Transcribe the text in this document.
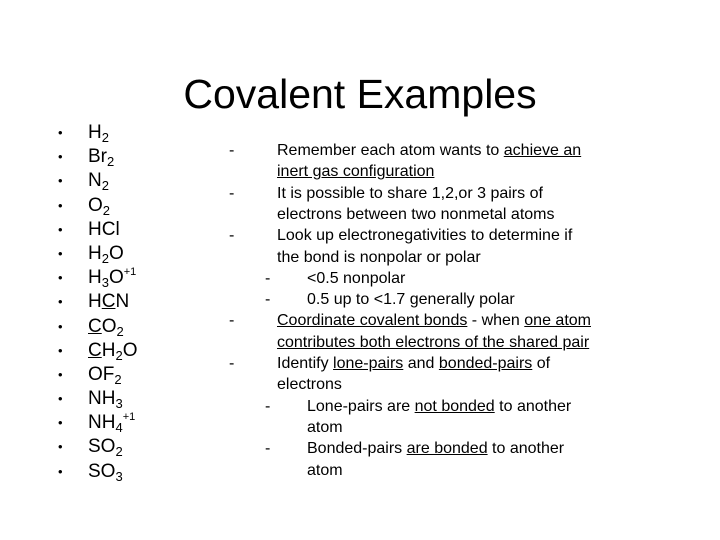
Covalent Examples
• $H_2$
• $Br_2$
• $N_2$
• $O_2$
• HCl
• $H_2O$
• $H_3O^{+1}$
• HCN
• $CO_2$
• $CH_2O$
• $OF_2$
• $NH_3$
• $NH_4^{+1}$
• $SO_2$
• $SO_3$
-	Remember each atom wants to achieve an
inert gas configuration
-	It is possible to share 1,2,or 3 pairs of
electrons between two nonmetal atoms
-	Look up electronegativities to determine if
the bond is nonpolar or polar
- <0.5 nonpolar
- 0.5 up to <1.7 generally polar
-	Coordinate covalent bonds - when one atom
contributes both electrons of the shared pair
-	Identify lone-pairs and bonded-pairs of
electrons
- Lone-pairs are not bonded to another
atom
- Bonded-pairs are bonded to another
atom
